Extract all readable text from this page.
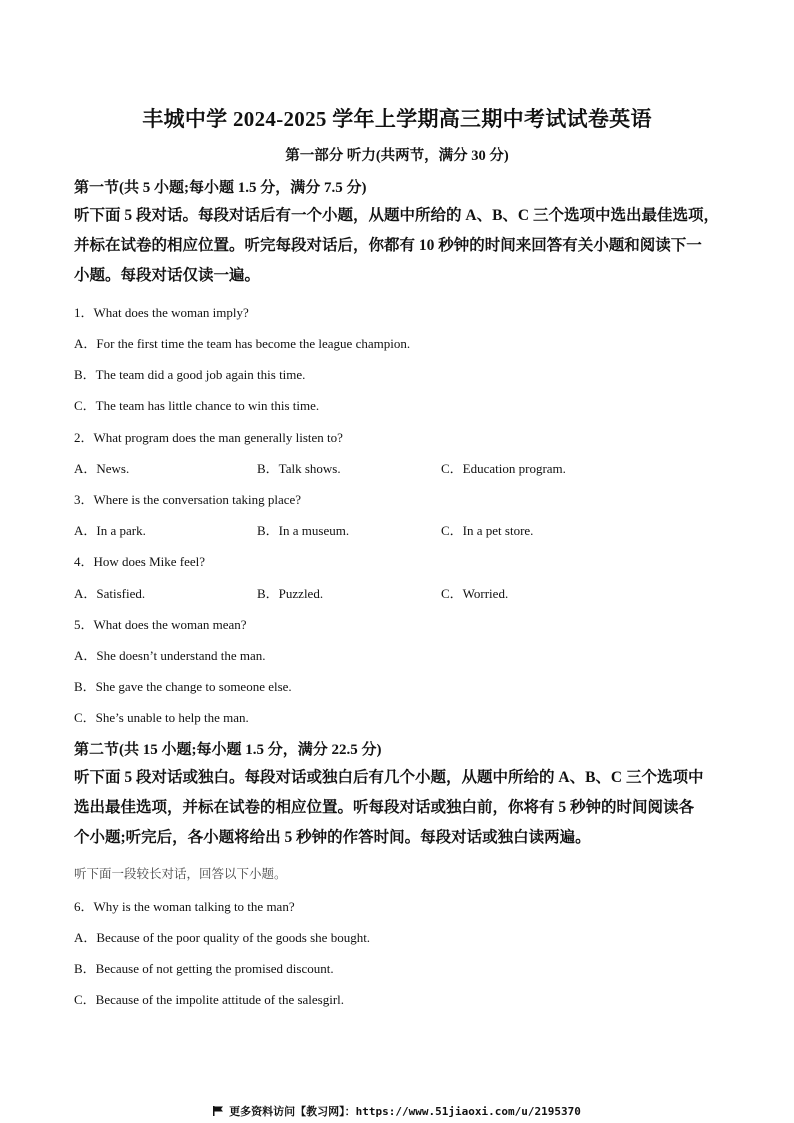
丰城中学 2024-2025 学年上学期高三期中考试试卷英语
第一部分 听力(共两节，满分 30 分)
第一节(共 5 小题;每小题 1.5 分，满分 7.5 分)
听下面 5 段对话。每段对话后有一个小题，从题中所给的 A、B、C 三个选项中选出最佳选项，
并标在试卷的相应位置。听完每段对话后，你都有 10 秒钟的时间来回答有关小题和阅读下一
小题。每段对话仅读一遍。
1．What does the woman imply?
A．For the first time the team has become the league champion.
B．The team did a good job again this time.
C．The team has little chance to win this time.
2．What program does the man generally listen to?
A．News.	B．Talk shows.	C．Education program.
3．Where is the conversation taking place?
A．In a park.	B．In a museum.	C．In a pet store.
4．How does Mike feel?
A．Satisfied.	B．Puzzled.	C．Worried.
5．What does the woman mean?
A．She doesn’t understand the man.
B．She gave the change to someone else.
C．She’s unable to help the man.
第二节(共 15 小题;每小题 1.5 分，满分 22.5 分)
听下面 5 段对话或独白。每段对话或独白后有几个小题，从题中所给的 A、B、C 三个选项中
选出最佳选项，并标在试卷的相应位置。听每段对话或独白前，你将有 5 秒钟的时间阅读各
个小题;听完后，各小题将给出 5 秒钟的作答时间。每段对话或独白读两遍。
听下面一段较长对话，回答以下小题。
6．Why is the woman talking to the man?
A．Because of the poor quality of the goods she bought.
B．Because of not getting the promised discount.
C．Because of the impolite attitude of the salesgirl.
更多资料访问【教习网】：https://www.51jiaoxi.com/u/2195370
